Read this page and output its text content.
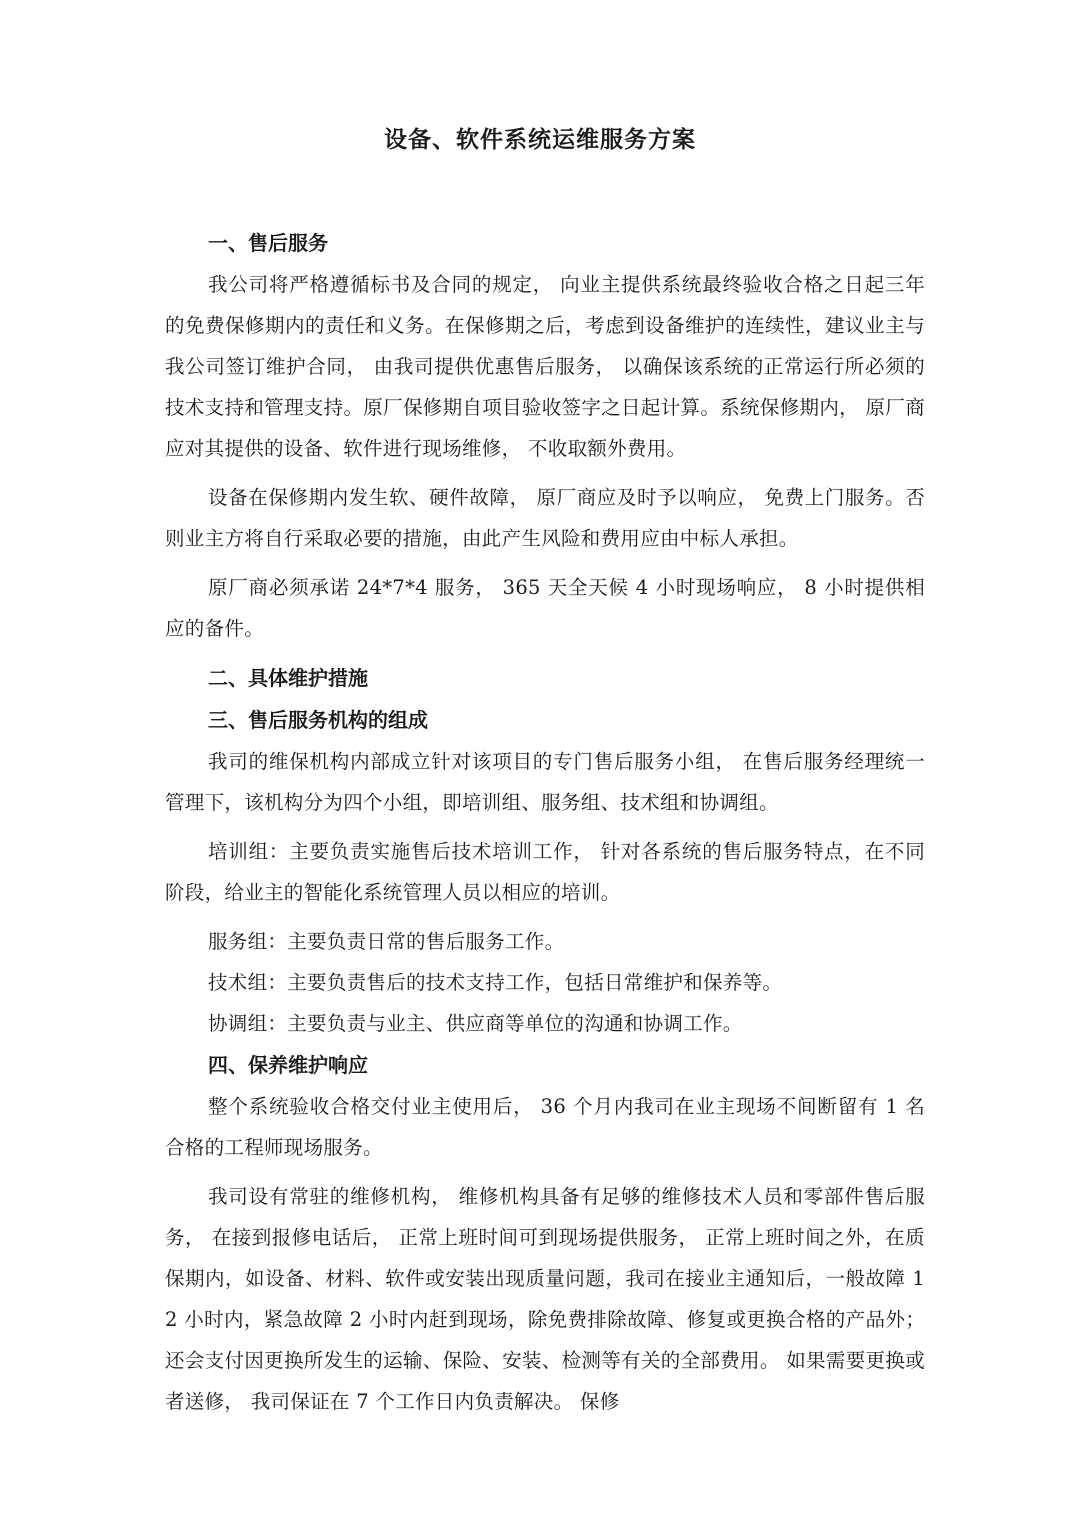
设备、软件系统运维服务方案

一、售后服务

我公司将严格遵循标书及合同的规定， 向业主提供系统最终验收合格之日起三年的免费保修期内的责任和义务。在保修期之后，考虑到设备维护的连续性，建议业主与我公司签订维护合同， 由我司提供优惠售后服务， 以确保该系统的正常运行所必须的技术支持和管理支持。原厂保修期自项目验收签字之日起计算。系统保修期内， 原厂商应对其提供的设备、软件进行现场维修， 不收取额外费用。

设备在保修期内发生软、硬件故障， 原厂商应及时予以响应， 免费上门服务。否则业主方将自行采取必要的措施，由此产生风险和费用应由中标人承担。

原厂商必须承诺 24*7*4 服务， 365 天全天候 4 小时现场响应， 8 小时提供相应的备件。

二、具体维护措施

三、售后服务机构的组成

我司的维保机构内部成立针对该项目的专门售后服务小组， 在售后服务经理统一管理下，该机构分为四个小组，即培训组、服务组、技术组和协调组。

培训组：主要负责实施售后技术培训工作， 针对各系统的售后服务特点，在不同阶段，给业主的智能化系统管理人员以相应的培训。

服务组：主要负责日常的售后服务工作。

技术组：主要负责售后的技术支持工作，包括日常维护和保养等。

协调组：主要负责与业主、供应商等单位的沟通和协调工作。

四、保养维护响应

整个系统验收合格交付业主使用后， 36 个月内我司在业主现场不间断留有 1 名合格的工程师现场服务。

我司设有常驻的维修机构， 维修机构具备有足够的维修技术人员和零部件售后服务， 在接到报修电话后， 正常上班时间可到现场提供服务， 正常上班时间之外，在质保期内，如设备、材料、软件或安装出现质量问题，我司在接业主通知后，一般故障 12 小时内，紧急故障 2 小时内赶到现场，除免费排除故障、修复或更换合格的产品外；还会支付因更换所发生的运输、保险、安装、检测等有关的全部费用。 如果需要更换或者送修， 我司保证在 7 个工作日内负责解决。 保修
